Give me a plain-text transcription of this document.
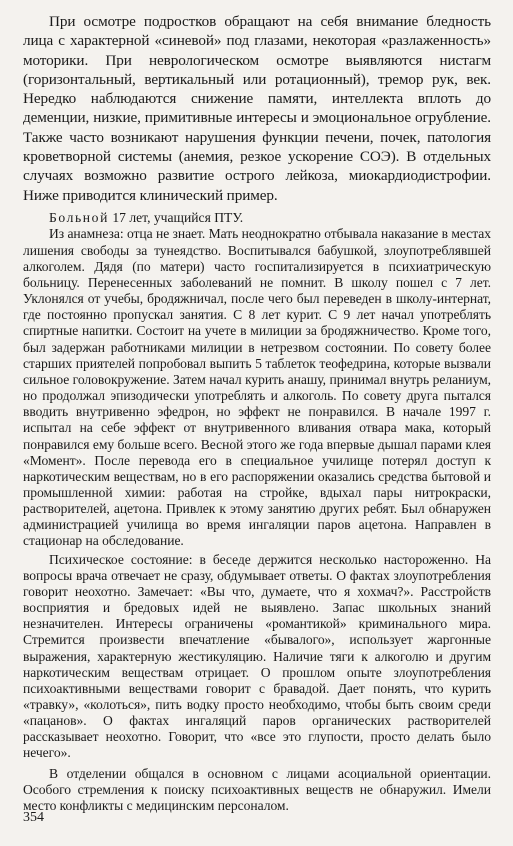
При осмотре подростков обращают на себя внимание бледность лица с характерной «синевой» под глазами, некоторая «разлаженность» моторики. При неврологическом осмотре выявляются нистагм (горизонтальный, вертикальный или ротационный), тремор рук, век. Нередко наблюдаются снижение памяти, интеллекта вплоть до деменции, низкие, примитивные интересы и эмоциональное огрубление. Также часто возникают нарушения функции печени, почек, патология кроветворной системы (анемия, резкое ускорение СОЭ). В отдельных случаях возможно развитие острого лейкоза, миокардиодистрофии. Ниже приводится клинический пример.

Больной 17 лет, учащийся ПТУ.

Из анамнеза: отца не знает. Мать неоднократно отбывала наказание в местах лишения свободы за тунеядство. Воспитывался бабушкой, злоупотреблявшей алкоголем. Дядя (по матери) часто госпитализируется в психиатрическую больницу. Перенесенных заболеваний не помнит. В школу пошел с 7 лет. Уклонялся от учебы, бродяжничал, после чего был переведен в школу-интернат, где постоянно пропускал занятия. С 8 лет курит. С 9 лет начал употреблять спиртные напитки. Состоит на учете в милиции за бродяжничество. Кроме того, был задержан работниками милиции в нетрезвом состоянии. По совету более старших приятелей попробовал выпить 5 таблеток теофедрина, которые вызвали сильное головокружение. Затем начал курить анашу, принимал внутрь реланиум, но продолжал эпизодически употреблять и алкоголь. По совету друга пытался вводить внутривенно эфедрон, но эффект не понравился. В начале 1997 г. испытал на себе эффект от внутривенного вливания отвара мака, который понравился ему больше всего. Весной этого же года впервые дышал парами клея «Момент». После перевода его в специальное училище потерял доступ к наркотическим веществам, но в его распоряжении оказались средства бытовой и промышленной химии: работая на стройке, вдыхал пары нитрокраски, растворителей, ацетона. Привлек к этому занятию других ребят. Был обнаружен администрацией училища во время ингаляции паров ацетона. Направлен в стационар на обследование.

Психическое состояние: в беседе держится несколько настороженно. На вопросы врача отвечает не сразу, обдумывает ответы. О фактах злоупотребления говорит неохотно. Замечает: «Вы что, думаете, что я хохмач?». Расстройств восприятия и бредовых идей не выявлено. Запас школьных знаний незначителен. Интересы ограничены «романтикой» криминального мира. Стремится произвести впечатление «бывалого», использует жаргонные выражения, характерную жестикуляцию. Наличие тяги к алкоголю и другим наркотическим веществам отрицает. О прошлом опыте злоупотребления психоактивными веществами говорит с бравадой. Дает понять, что курить «травку», «колоться», пить водку просто необходимо, чтобы быть своим среди «пацанов». О фактах ингаляций паров органических растворителей рассказывает неохотно. Говорит, что «все это глупости, просто делать было нечего».

В отделении общался в основном с лицами асоциальной ориентации. Особого стремления к поиску психоактивных веществ не обнаружил. Имели место конфликты с медицинским персоналом.

354
